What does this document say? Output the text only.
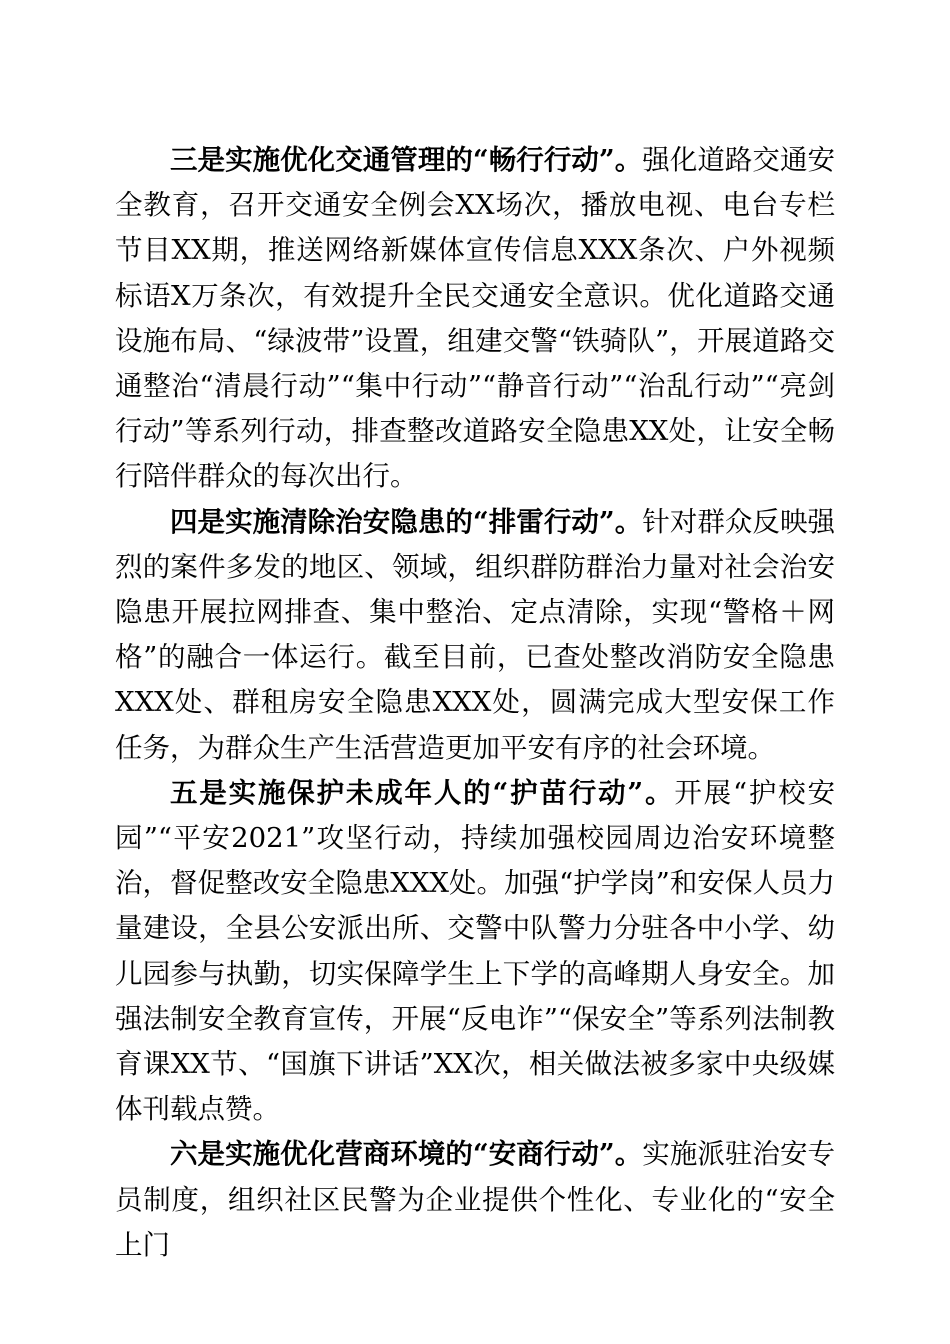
三是实施优化交通管理的“畅行行动”。强化道路交通安全教育，召开交通安全例会XX场次，播放电视、电台专栏节目XX期，推送网络新媒体宣传信息XXX条次、户外视频标语X万条次，有效提升全民交通安全意识。优化道路交通设施布局、“绿波带”设置，组建交警“铁骑队”，开展道路交通整治“清晨行动”“集中行动”“静音行动”“治乱行动”“亮剑行动”等系列行动，排查整改道路安全隐患XX处，让安全畅行陪伴群众的每次出行。

四是实施清除治安隐患的“排雷行动”。针对群众反映强烈的案件多发的地区、领域，组织群防群治力量对社会治安隐患开展拉网排查、集中整治、定点清除，实现“警格＋网格”的融合一体运行。截至目前，已查处整改消防安全隐患XXX处、群租房安全隐患XXX处，圆满完成大型安保工作任务，为群众生产生活营造更加平安有序的社会环境。

五是实施保护未成年人的“护苗行动”。开展“护校安园”“平安2021”攻坚行动，持续加强校园周边治安环境整治，督促整改安全隐患XXX处。加强“护学岗”和安保人员力量建设，全县公安派出所、交警中队警力分驻各中小学、幼儿园参与执勤，切实保障学生上下学的高峰期人身安全。加强法制安全教育宣传，开展“反电诈”“保安全”等系列法制教育课XX节、“国旗下讲话”XX次，相关做法被多家中央级媒体刊载点赞。

六是实施优化营商环境的“安商行动”。实施派驻治安专员制度，组织社区民警为企业提供个性化、专业化的“安全上门
